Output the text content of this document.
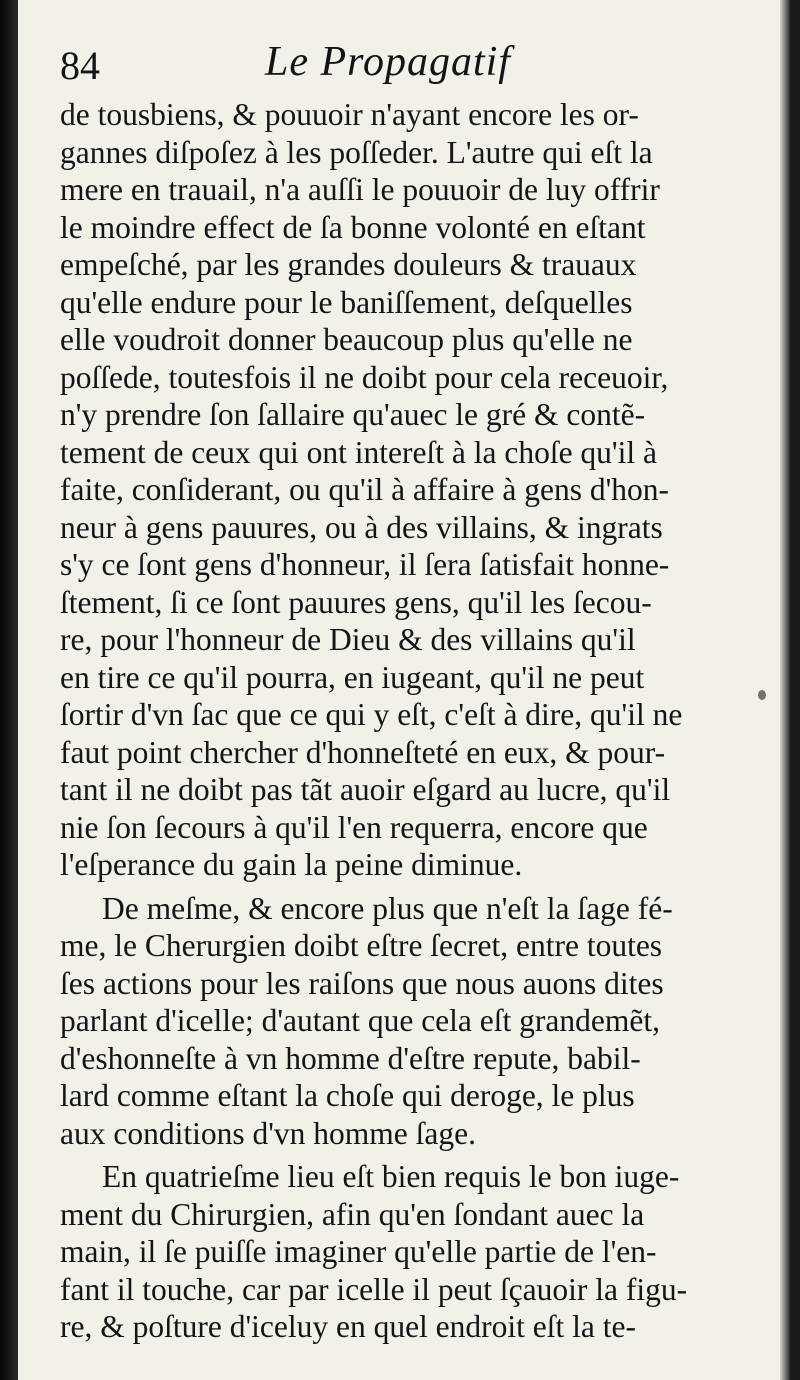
84	Le Propagatif
de tousbiens, & pouuoir n'ayant encore les or-
gannes diſpoſez à les poſſeder. L'autre qui eſt la
mere en trauail, n'a auſſi le pouuoir de luy offrir
le moindre effect de ſa bonne volonté en eſtant
empeſché, par les grandes douleurs & trauaux
qu'elle endure pour le baniſſement, deſquelles
elle voudroit donner beaucoup plus qu'elle ne
poſſede, toutesfois il ne doibt pour cela receuoir,
n'y prendre ſon ſallaire qu'auec le gré & contẽ-
tement de ceux qui ont intereſt à la choſe qu'il à
faite, conſiderant, ou qu'il à affaire à gens d'hon-
neur à gens pauures, ou à des villains, & ingrats
s'y ce ſont gens d'honneur, il ſera ſatisfait honne-
ſtement, ſi ce ſont pauures gens, qu'il les ſecou-
re, pour l'honneur de Dieu & des villains qu'il
en tire ce qu'il pourra, en iugeant, qu'il ne peut
ſortir d'vn ſac que ce qui y eſt, c'eſt à dire, qu'il ne
faut point chercher d'honneſteté en eux, & pour-
tant il ne doibt pas tãt auoir eſgard au lucre, qu'il
nie ſon ſecours à qu'il l'en requerra, encore que
l'eſperance du gain la peine diminue.
De meſme, & encore plus que n'eſt la ſage fé-
me, le Cherurgien doibt eſtre ſecret, entre toutes
ſes actions pour les raiſons que nous auons dites
parlant d'icelle; d'autant que cela eſt grandemẽt,
d'eshonneſte à vn homme d'eſtre repute, babil-
lard comme eſtant la choſe qui deroge, le plus
aux conditions d'vn homme ſage.
En quatrieſme lieu eſt bien requis le bon iuge-
ment du Chirurgien, afin qu'en ſondant auec la
main, il ſe puiſſe imaginer qu'elle partie de l'en-
fant il touche, car par icelle il peut ſçauoir la figu-
re, & poſture d'iceluy en quel endroit eſt la te-
